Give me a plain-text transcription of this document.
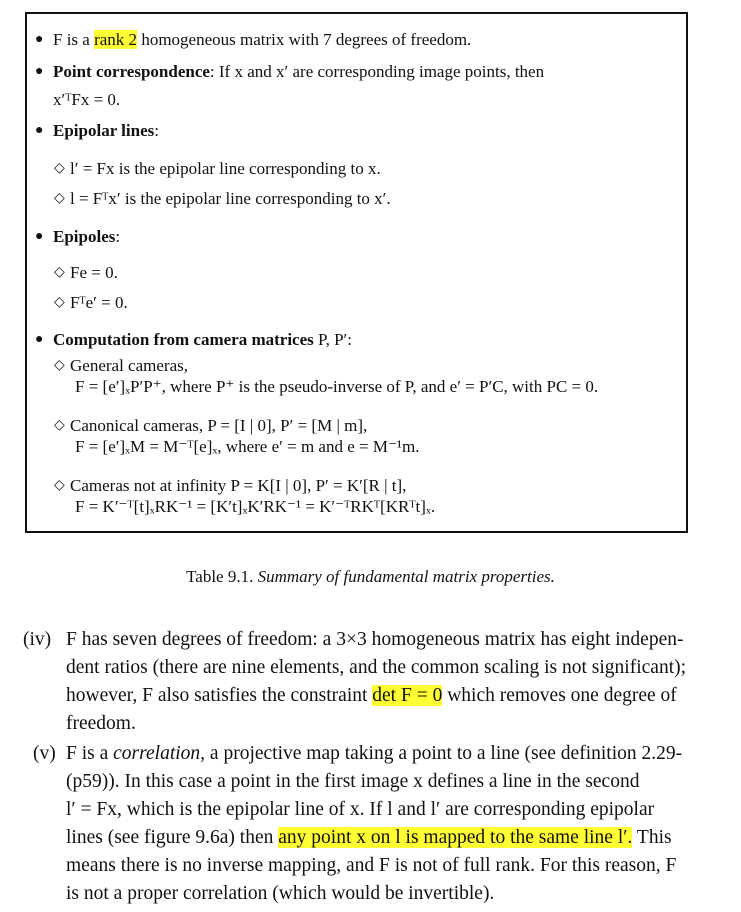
● F is a rank 2 homogeneous matrix with 7 degrees of freedom.
● Point correspondence: If x and x′ are corresponding image points, then
x′ᵀFx = 0.
● Epipolar lines:
◇ l′ = Fx is the epipolar line corresponding to x.
◇ l = Fᵀx′ is the epipolar line corresponding to x′.
● Epipoles:
◇ Fe = 0.
◇ Fᵀe′ = 0.
● Computation from camera matrices P, P′:
◇ General cameras,
F = [e′]ₓP′P⁺, where P⁺ is the pseudo-inverse of P, and e′ = P′C, with PC = 0.
◇ Canonical cameras, P = [I | 0], P′ = [M | m],
F = [e′]ₓM = M⁻ᵀ[e]ₓ, where e′ = m and e = M⁻¹m.
◇ Cameras not at infinity P = K[I | 0], P′ = K′[R | t],
F = K′⁻ᵀ[t]ₓRK⁻¹ = [K′t]ₓK′RK⁻¹ = K′⁻ᵀRKᵀ[KRᵀt]ₓ.
Table 9.1. Summary of fundamental matrix properties.
(iv) F has seven degrees of freedom: a 3×3 homogeneous matrix has eight indepen-
dent ratios (there are nine elements, and the common scaling is not significant);
however, F also satisfies the constraint det F = 0 which removes one degree of
freedom.
(v) F is a correlation, a projective map taking a point to a line (see definition 2.29-
(p59)). In this case a point in the first image x defines a line in the second
l′ = Fx, which is the epipolar line of x. If l and l′ are corresponding epipolar
lines (see figure 9.6a) then any point x on l is mapped to the same line l′. This
means there is no inverse mapping, and F is not of full rank. For this reason, F
is not a proper correlation (which would be invertible).
